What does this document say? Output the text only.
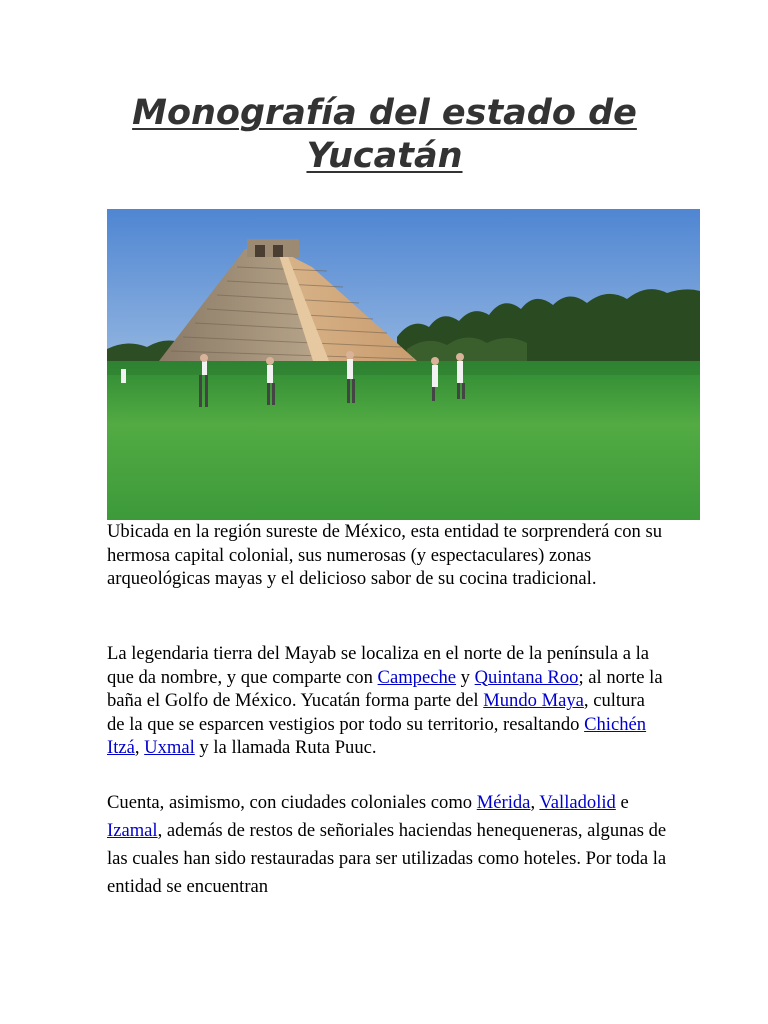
Monografía del estado de
Yucatán

Ubicada en la región sureste de México, esta entidad te sorprenderá con su hermosa capital colonial, sus numerosas (y espectaculares) zonas arqueológicas mayas y el delicioso sabor de su cocina tradicional.

La legendaria tierra del Mayab se localiza en el norte de la península a la que da nombre, y que comparte con Campeche y Quintana Roo; al norte la baña el Golfo de México. Yucatán forma parte del Mundo Maya, cultura de la que se esparcen vestigios por todo su territorio, resaltando Chichén Itzá, Uxmal y la llamada Ruta Puuc.

Cuenta, asimismo, con ciudades coloniales como Mérida, Valladolid e Izamal, además de restos de señoriales haciendas henequeneras, algunas de las cuales han sido restauradas para ser utilizadas como hoteles. Por toda la entidad se encuentran
